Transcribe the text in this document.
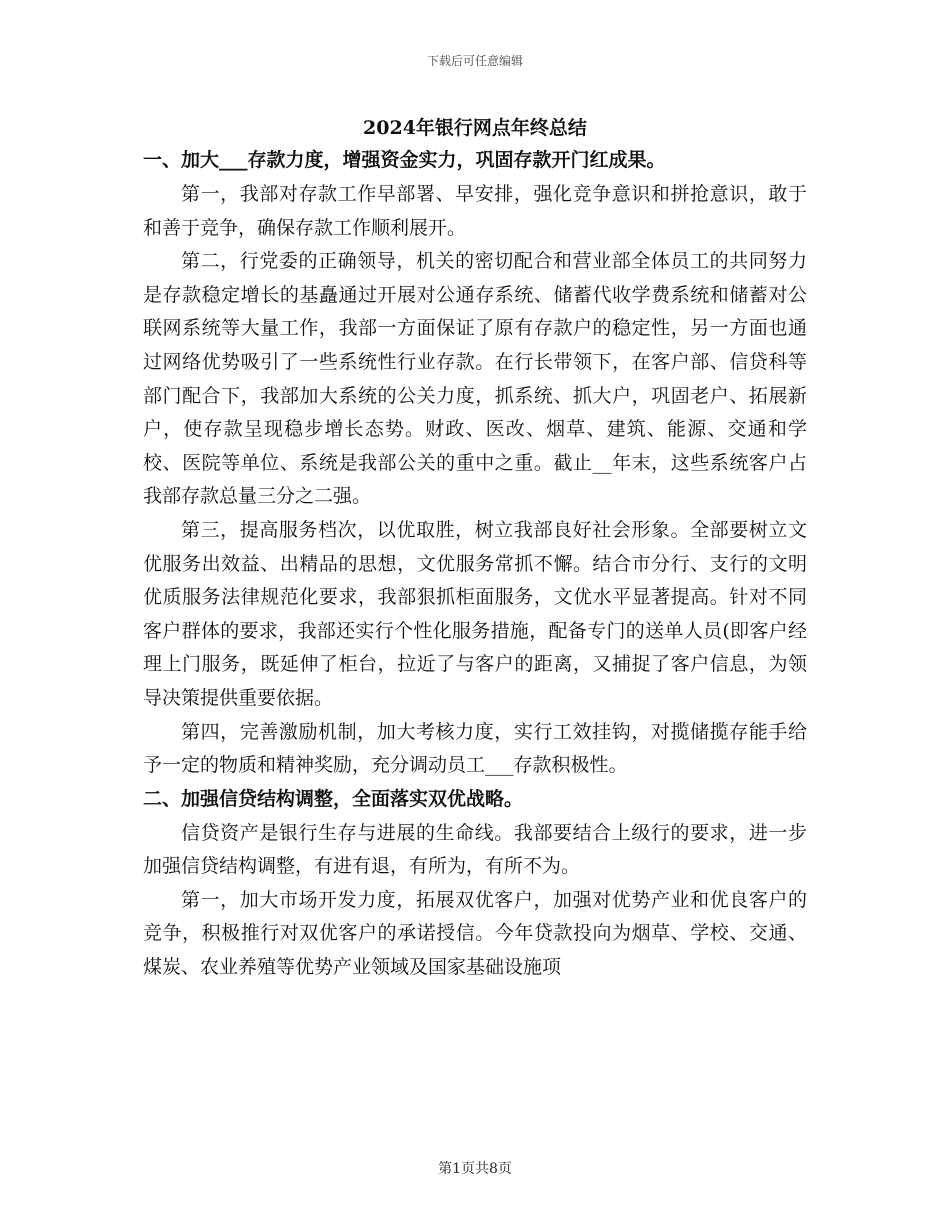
下载后可任意编辑
2024年银行网点年终总结
一、加大___存款力度，增强资金实力，巩固存款开门红成果。

第一，我部对存款工作早部署、早安排，强化竞争意识和拼抢意识，敢于和善于竞争，确保存款工作顺利展开。

第二，行党委的正确领导，机关的密切配合和营业部全体员工的共同努力是存款稳定增长的基矗通过开展对公通存系统、储蓄代收学费系统和储蓄对公联网系统等大量工作，我部一方面保证了原有存款户的稳定性，另一方面也通过网络优势吸引了一些系统性行业存款。在行长带领下，在客户部、信贷科等部门配合下，我部加大系统的公关力度，抓系统、抓大户，巩固老户、拓展新户，使存款呈现稳步增长态势。财政、医改、烟草、建筑、能源、交通和学校、医院等单位、系统是我部公关的重中之重。截止__年末，这些系统客户占我部存款总量三分之二强。

第三，提高服务档次，以优取胜，树立我部良好社会形象。全部要树立文优服务出效益、出精品的思想，文优服务常抓不懈。结合市分行、支行的文明优质服务法律规范化要求，我部狠抓柜面服务，文优水平显著提高。针对不同客户群体的要求，我部还实行个性化服务措施，配备专门的送单人员(即客户经理上门服务，既延伸了柜台，拉近了与客户的距离，又捕捉了客户信息，为领导决策提供重要依据。

第四，完善激励机制，加大考核力度，实行工效挂钩，对揽储揽存能手给予一定的物质和精神奖励，充分调动员工___存款积极性。

二、加强信贷结构调整，全面落实双优战略。

信贷资产是银行生存与进展的生命线。我部要结合上级行的要求，进一步加强信贷结构调整，有进有退，有所为，有所不为。

第一，加大市场开发力度，拓展双优客户，加强对优势产业和优良客户的竞争，积极推行对双优客户的承诺授信。今年贷款投向为烟草、学校、交通、煤炭、农业养殖等优势产业领域及国家基础设施项

第1页共8页
